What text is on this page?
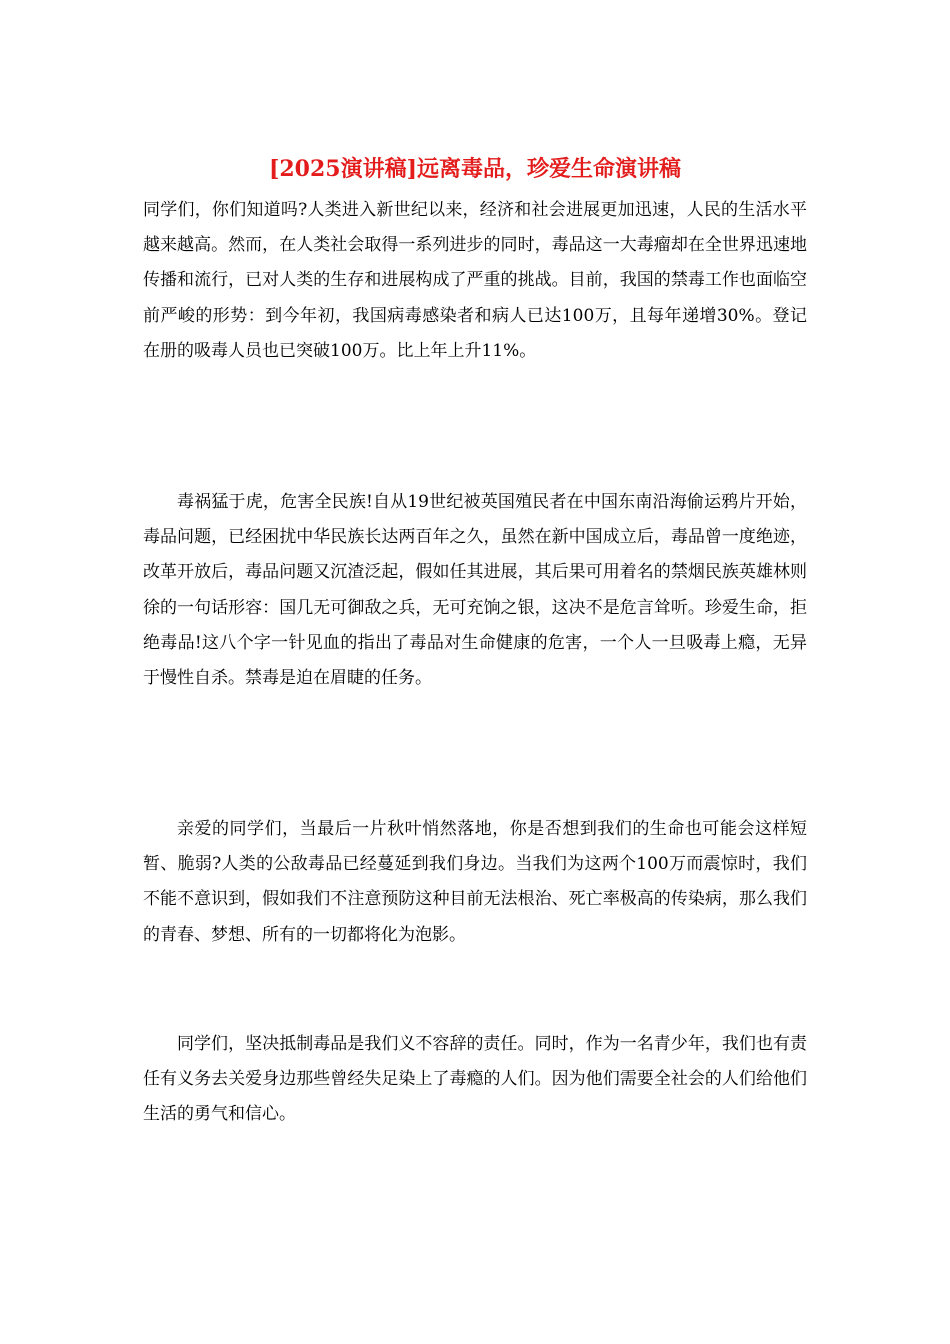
[2025演讲稿]远离毒品，珍爱生命演讲稿

同学们，你们知道吗?人类进入新世纪以来，经济和社会进展更加迅速，人民的生活水平越来越高。然而，在人类社会取得一系列进步的同时，毒品这一大毒瘤却在全世界迅速地传播和流行，已对人类的生存和进展构成了严重的挑战。目前，我国的禁毒工作也面临空前严峻的形势：到今年初，我国病毒感染者和病人已达100万，且每年递增30%。登记在册的吸毒人员也已突破100万。比上年上升11%。

毒祸猛于虎，危害全民族!自从19世纪被英国殖民者在中国东南沿海偷运鸦片开始，毒品问题，已经困扰中华民族长达两百年之久，虽然在新中国成立后，毒品曾一度绝迹，改革开放后，毒品问题又沉渣泛起，假如任其进展，其后果可用着名的禁烟民族英雄林则徐的一句话形容：国几无可御敌之兵，无可充饷之银，这决不是危言耸听。珍爱生命，拒绝毒品!这八个字一针见血的指出了毒品对生命健康的危害，一个人一旦吸毒上瘾，无异于慢性自杀。禁毒是迫在眉睫的任务。

亲爱的同学们，当最后一片秋叶悄然落地，你是否想到我们的生命也可能会这样短暂、脆弱?人类的公敌毒品已经蔓延到我们身边。当我们为这两个100万而震惊时，我们不能不意识到，假如我们不注意预防这种目前无法根治、死亡率极高的传染病，那么我们的青春、梦想、所有的一切都将化为泡影。

同学们，坚决抵制毒品是我们义不容辞的责任。同时，作为一名青少年，我们也有责任有义务去关爱身边那些曾经失足染上了毒瘾的人们。因为他们需要全社会的人们给他们生活的勇气和信心。
